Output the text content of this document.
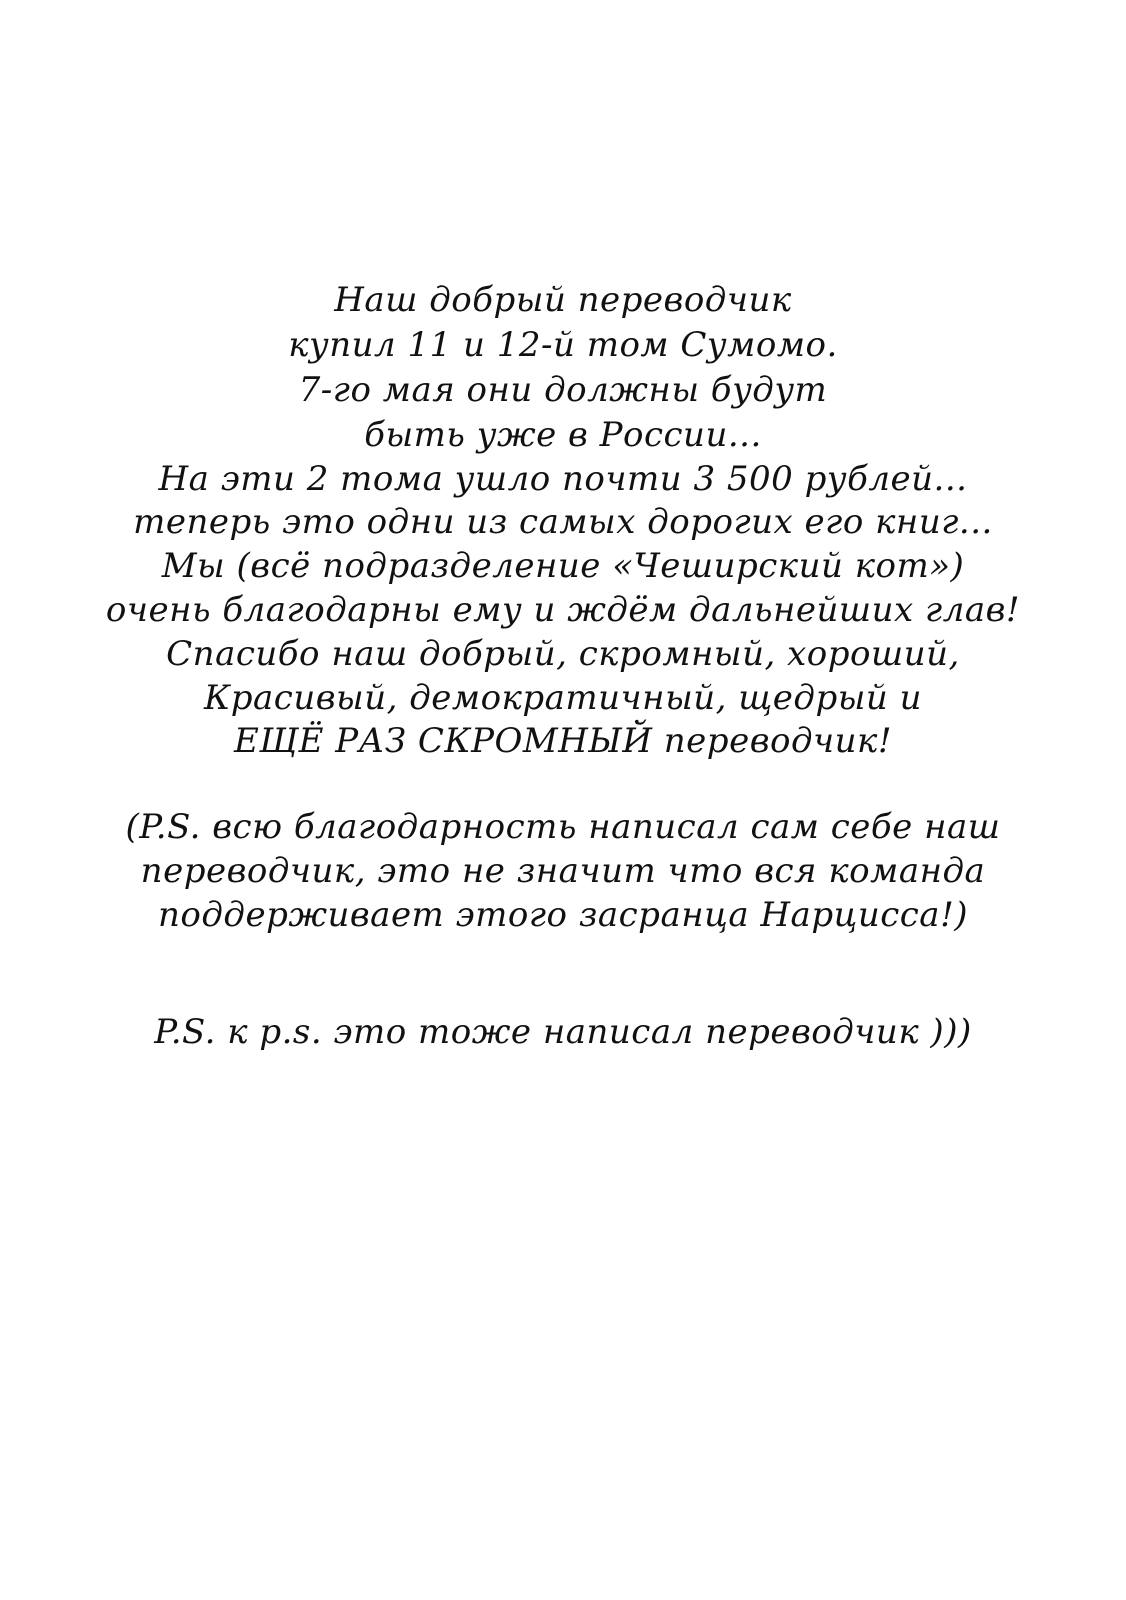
Наш добрый переводчик
купил 11 и 12-й том Сумомо.
7-го мая они должны будут
быть уже в России...
На эти 2 тома ушло почти 3 500 рублей...
теперь это одни из самых дорогих его книг...
Мы (всё подразделение «Чеширский кот»)
очень благодарны ему и ждём дальнейших глав!
Спасибо наш добрый, скромный, хороший,
Красивый, демократичный, щедрый и
ЕЩЁ РАЗ СКРОМНЫЙ переводчик!
(P.S. всю благодарность написал сам себе наш
переводчик, это не значит что вся команда
поддерживает этого засранца Нарцисса!)
P.S. к p.s. это тоже написал переводчик )))
